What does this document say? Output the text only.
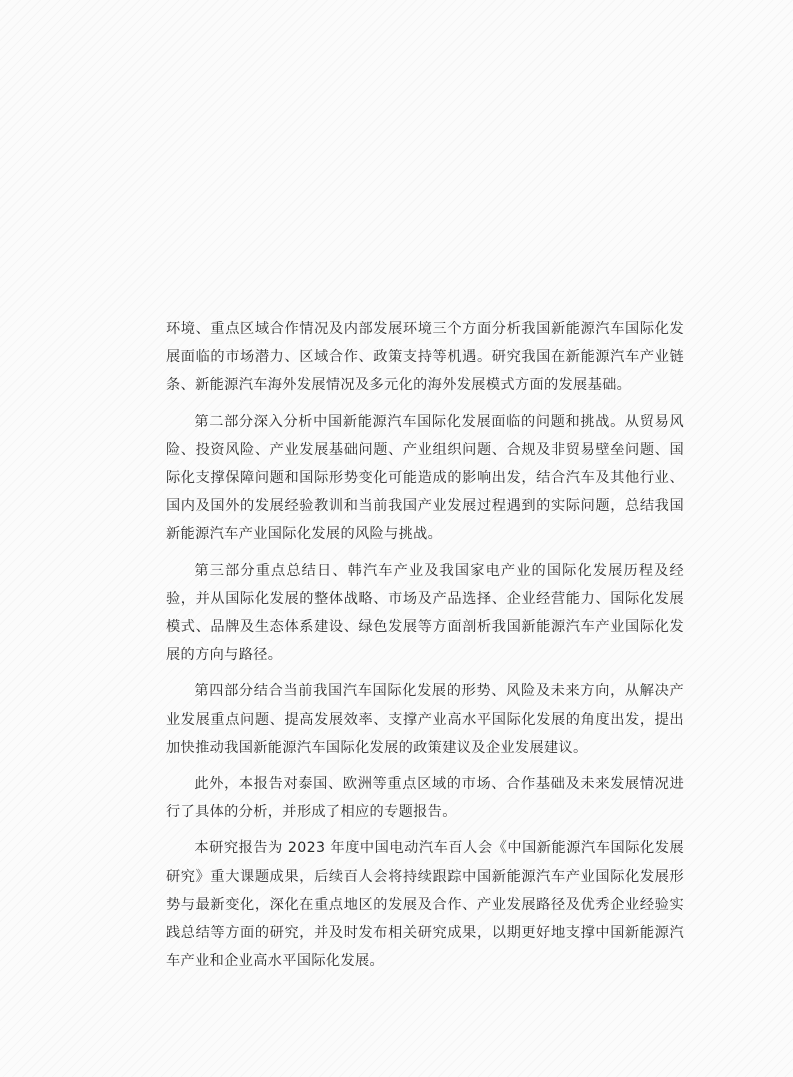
环境、重点区域合作情况及内部发展环境三个方面分析我国新能源汽车国际化发展面临的市场潜力、区域合作、政策支持等机遇。研究我国在新能源汽车产业链条、新能源汽车海外发展情况及多元化的海外发展模式方面的发展基础。

第二部分深入分析中国新能源汽车国际化发展面临的问题和挑战。从贸易风险、投资风险、产业发展基础问题、产业组织问题、合规及非贸易壁垒问题、国际化支撑保障问题和国际形势变化可能造成的影响出发，结合汽车及其他行业、国内及国外的发展经验教训和当前我国产业发展过程遇到的实际问题，总结我国新能源汽车产业国际化发展的风险与挑战。

第三部分重点总结日、韩汽车产业及我国家电产业的国际化发展历程及经验，并从国际化发展的整体战略、市场及产品选择、企业经营能力、国际化发展模式、品牌及生态体系建设、绿色发展等方面剖析我国新能源汽车产业国际化发展的方向与路径。

第四部分结合当前我国汽车国际化发展的形势、风险及未来方向，从解决产业发展重点问题、提高发展效率、支撑产业高水平国际化发展的角度出发，提出加快推动我国新能源汽车国际化发展的政策建议及企业发展建议。

此外，本报告对泰国、欧洲等重点区域的市场、合作基础及未来发展情况进行了具体的分析，并形成了相应的专题报告。

本研究报告为 2023 年度中国电动汽车百人会《中国新能源汽车国际化发展研究》重大课题成果，后续百人会将持续跟踪中国新能源汽车产业国际化发展形势与最新变化，深化在重点地区的发展及合作、产业发展路径及优秀企业经验实践总结等方面的研究，并及时发布相关研究成果，以期更好地支撑中国新能源汽车产业和企业高水平国际化发展。
